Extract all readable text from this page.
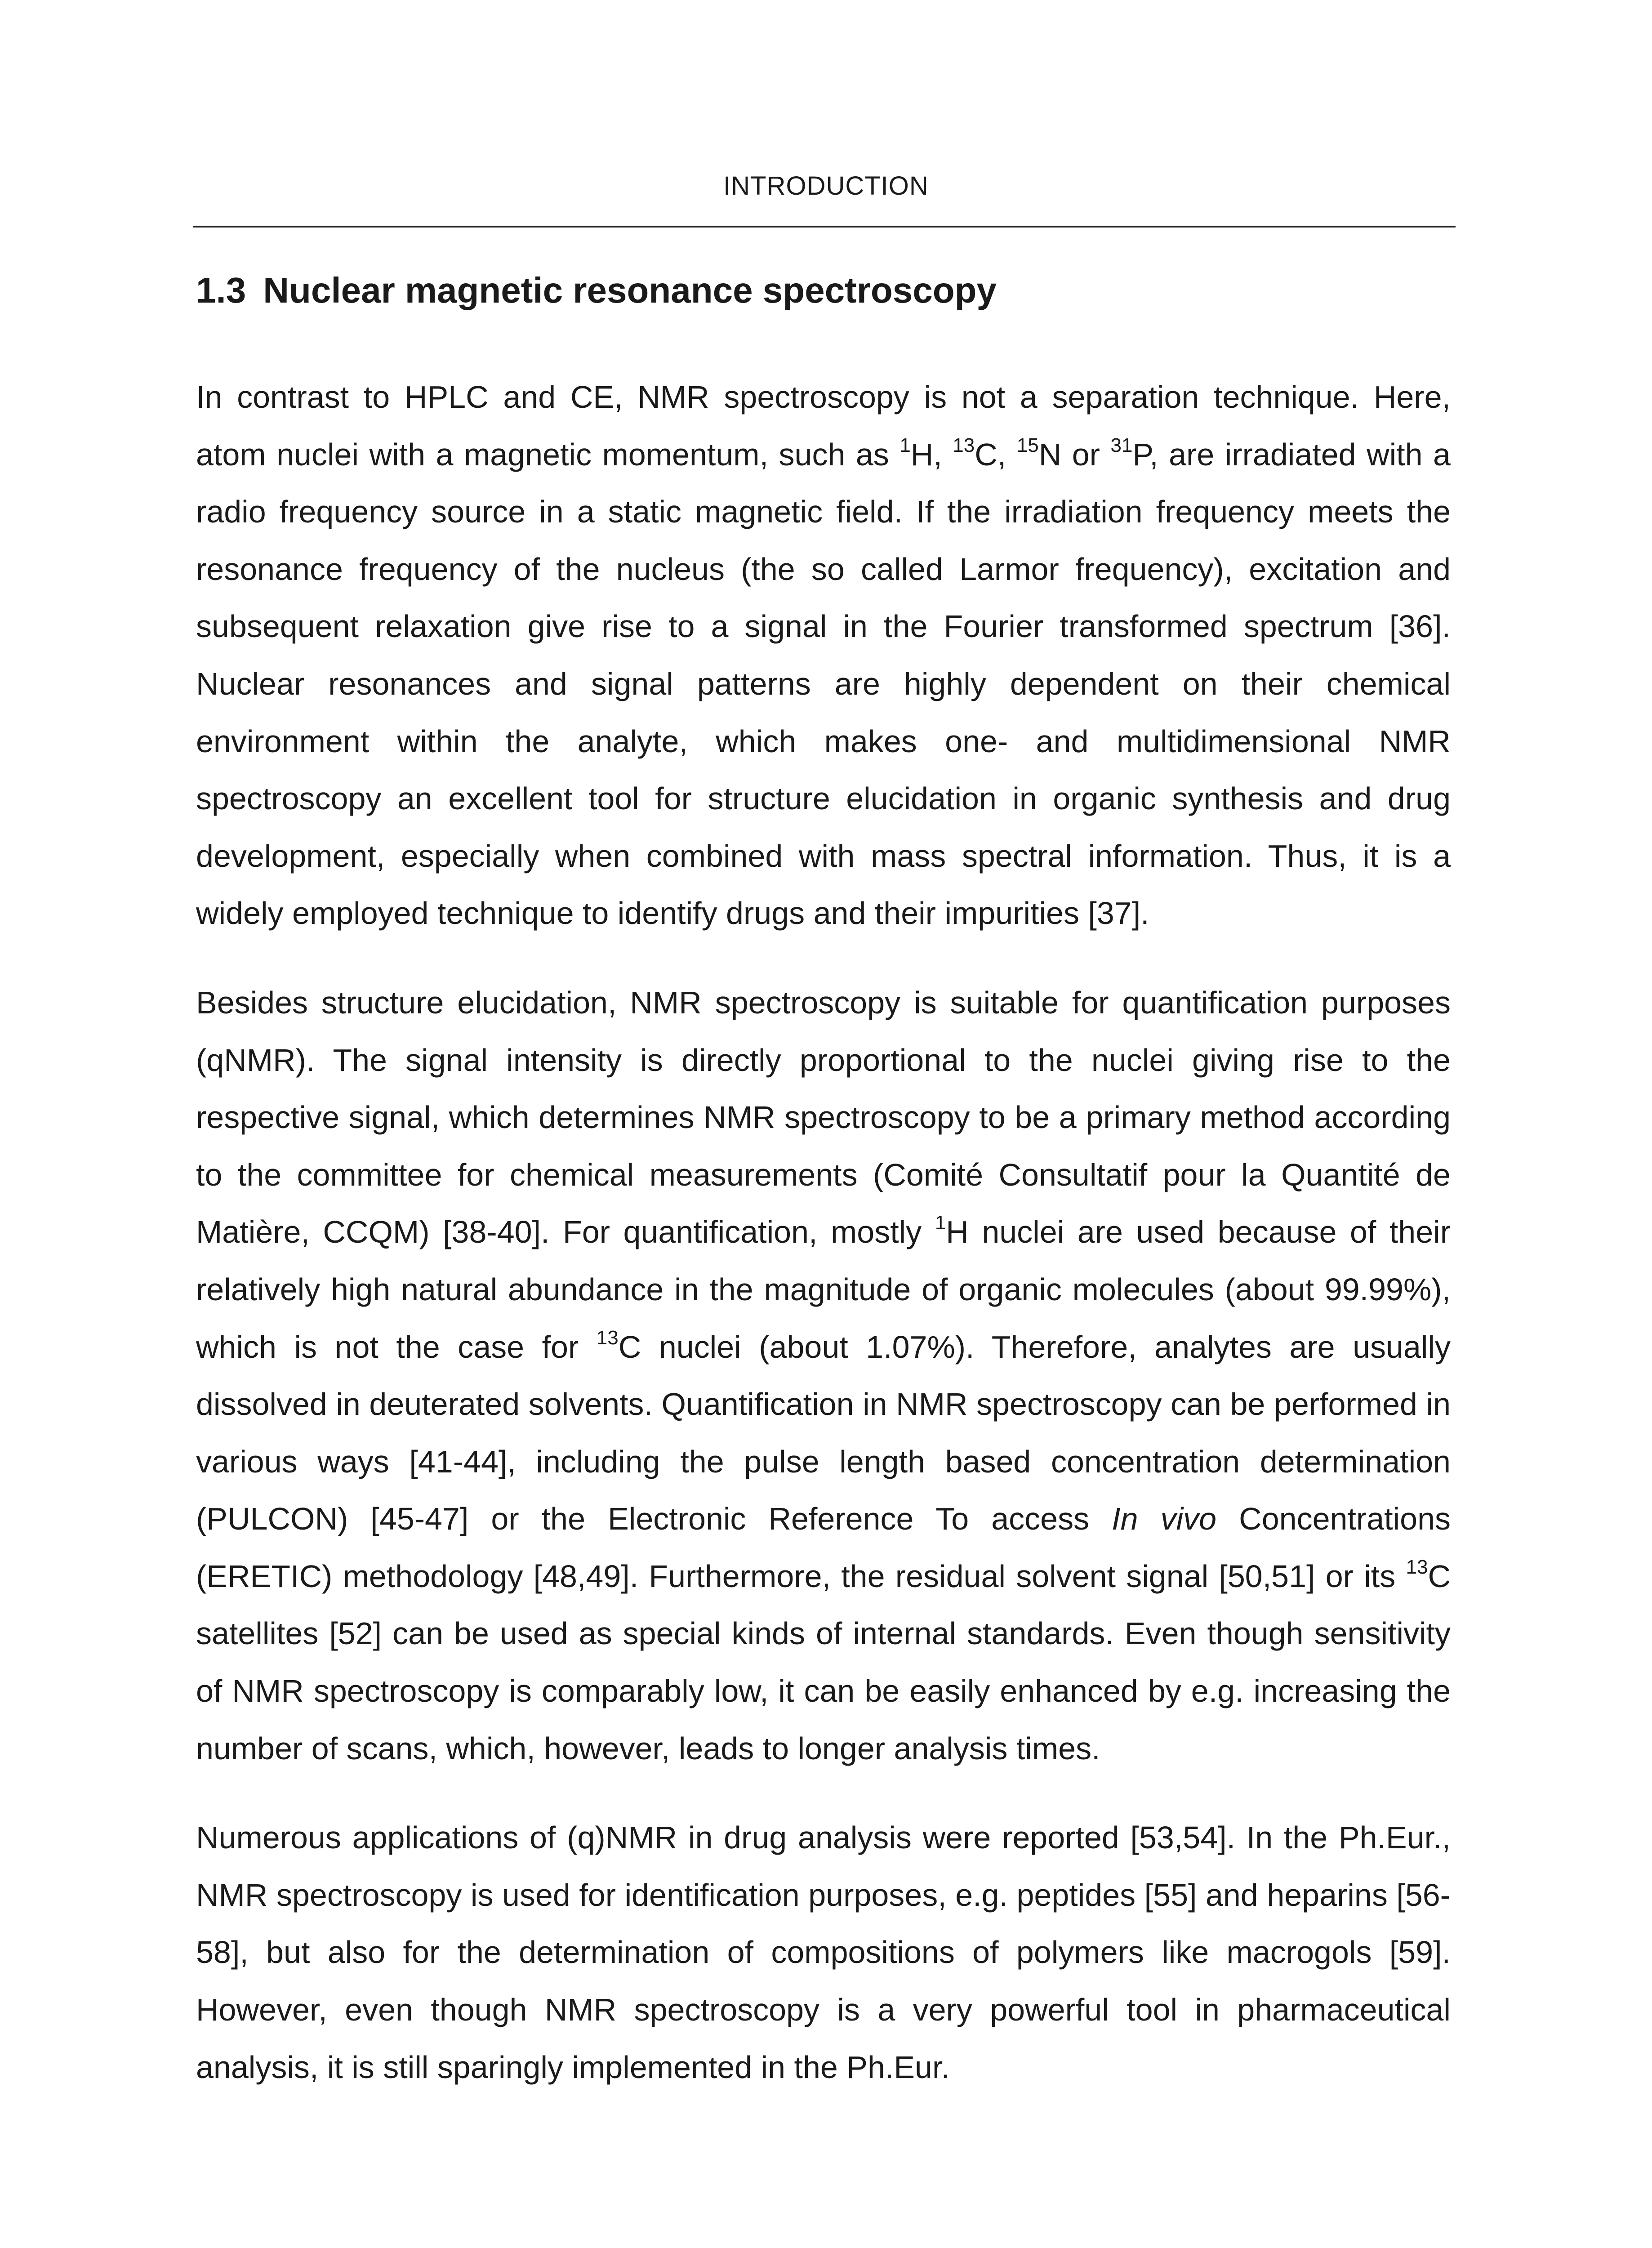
INTRODUCTION
1.3 Nuclear magnetic resonance spectroscopy

In contrast to HPLC and CE, NMR spectroscopy is not a separation technique. Here, atom nuclei with a magnetic momentum, such as $^1$H, $^{13}$C, $^{15}$N or $^{31}$P, are irradiated with a radio frequency source in a static magnetic field. If the irradiation frequency meets the resonance frequency of the nucleus (the so called Larmor frequency), excitation and subsequent relaxation give rise to a signal in the Fourier transformed spectrum [36]. Nuclear resonances and signal patterns are highly dependent on their chemical environment within the analyte, which makes one- and multidimensional NMR spectroscopy an excellent tool for structure elucidation in organic synthesis and drug development, especially when combined with mass spectral information. Thus, it is a widely employed technique to identify drugs and their impurities [37].

Besides structure elucidation, NMR spectroscopy is suitable for quantification purposes (qNMR). The signal intensity is directly proportional to the nuclei giving rise to the respective signal, which determines NMR spectroscopy to be a primary method according to the committee for chemical measurements (Comité Consultatif pour la Quantité de Matière, CCQM) [38-40]. For quantification, mostly $^1$H nuclei are used because of their relatively high natural abundance in the magnitude of organic molecules (about 99.99%), which is not the case for $^{13}$C nuclei (about 1.07%). Therefore, analytes are usually dissolved in deuterated solvents. Quantification in NMR spectroscopy can be performed in various ways [41-44], including the pulse length based concentration determination (PULCON) [45-47] or the Electronic Reference To access In vivo Concentrations (ERETIC) methodology [48,49]. Furthermore, the residual solvent signal [50,51] or its $^{13}$C satellites [52] can be used as special kinds of internal standards. Even though sensitivity of NMR spectroscopy is comparably low, it can be easily enhanced by e.g. increasing the number of scans, which, however, leads to longer analysis times.

Numerous applications of (q)NMR in drug analysis were reported [53,54]. In the Ph.Eur., NMR spectroscopy is used for identification purposes, e.g. peptides [55] and heparins [56-58], but also for the determination of compositions of polymers like macrogols [59]. However, even though NMR spectroscopy is a very powerful tool in pharmaceutical analysis, it is still sparingly implemented in the Ph.Eur.
